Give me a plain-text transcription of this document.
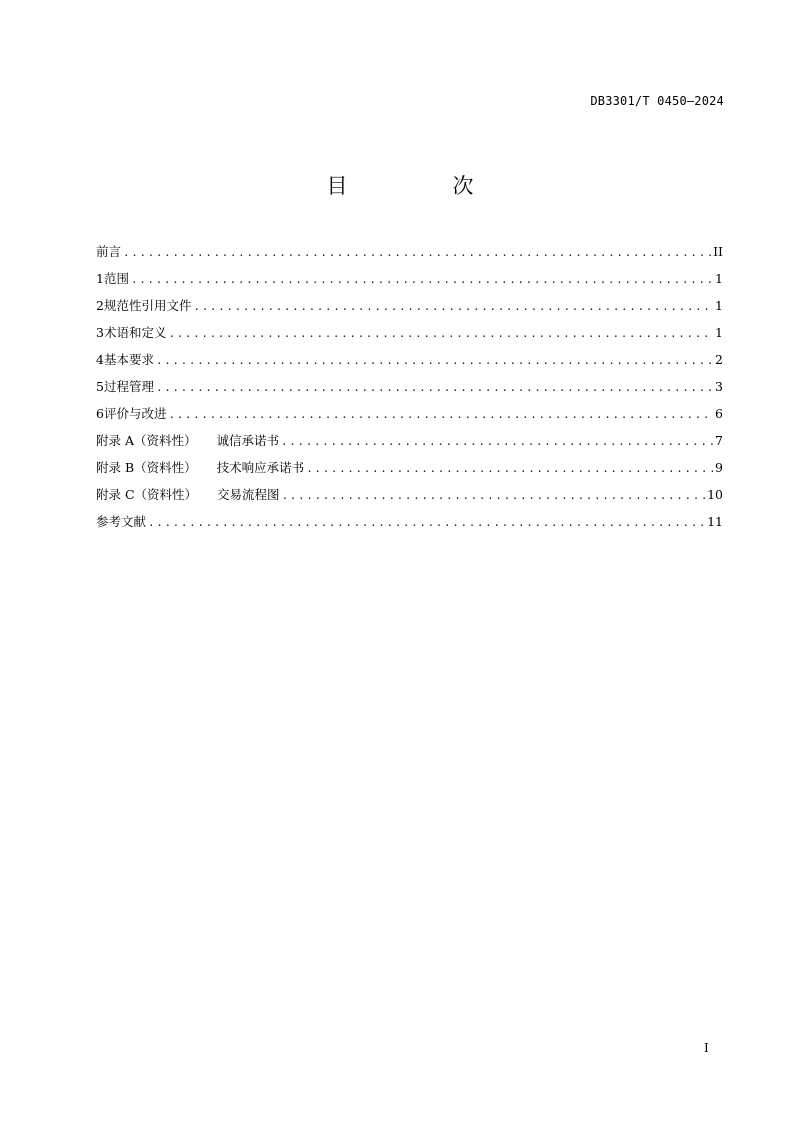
DB3301/T 0450—2024
目　次
前言 .....	II
1 范围 .....	1
2 规范性引用文件 .....	1
3 术语和定义 .....	1
4 基本要求 .....	2
5 过程管理 .....	3
6 评价与改进 .....	6
附录 A（资料性） 诚信承诺书 .....	7
附录 B（资料性） 技术响应承诺书 .....	9
附录 C（资料性） 交易流程图 .....	10
参考文献 .....	11
I
